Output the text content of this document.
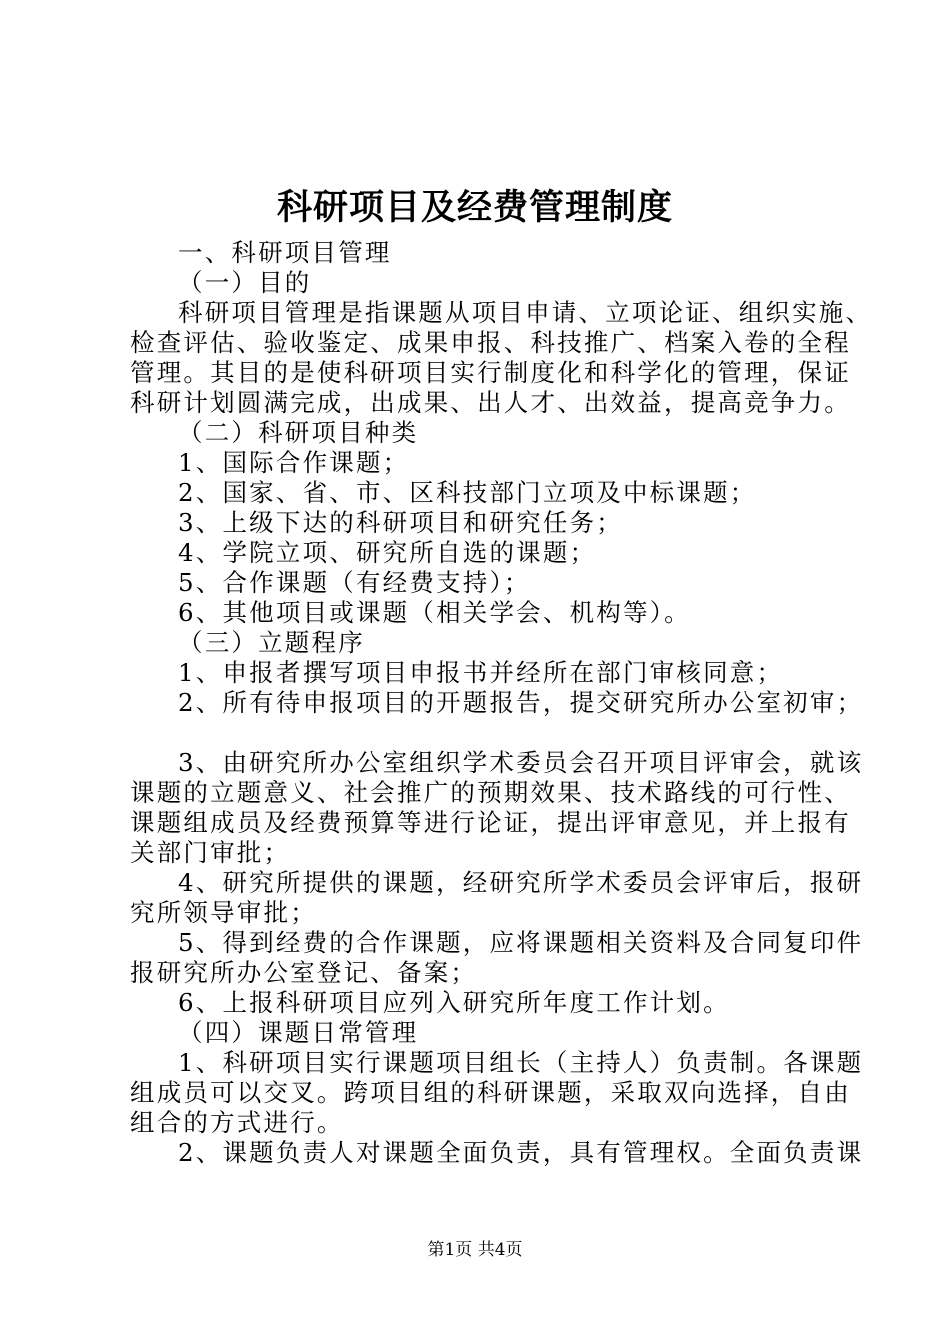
科研项目及经费管理制度
一、科研项目管理
（一）目的
科研项目管理是指课题从项目申请、立项论证、组织实施、
检查评估、验收鉴定、成果申报、科技推广、档案入卷的全程
管理。其目的是使科研项目实行制度化和科学化的管理，保证
科研计划圆满完成，出成果、出人才、出效益，提高竞争力。
（二）科研项目种类
1、国际合作课题；
2、国家、省、市、区科技部门立项及中标课题；
3、上级下达的科研项目和研究任务；
4、学院立项、研究所自选的课题；
5、合作课题（有经费支持）；
6、其他项目或课题（相关学会、机构等）。
（三）立题程序
1、申报者撰写项目申报书并经所在部门审核同意；
2、所有待申报项目的开题报告，提交研究所办公室初审；
3、由研究所办公室组织学术委员会召开项目评审会，就该
课题的立题意义、社会推广的预期效果、技术路线的可行性、
课题组成员及经费预算等进行论证，提出评审意见，并上报有
关部门审批；
4、研究所提供的课题，经研究所学术委员会评审后，报研
究所领导审批；
5、得到经费的合作课题，应将课题相关资料及合同复印件
报研究所办公室登记、备案；
6、上报科研项目应列入研究所年度工作计划。
（四）课题日常管理
1、科研项目实行课题项目组长（主持人）负责制。各课题
组成员可以交叉。跨项目组的科研课题，采取双向选择，自由
组合的方式进行。
2、课题负责人对课题全面负责，具有管理权。全面负责课
第1页 共4页
